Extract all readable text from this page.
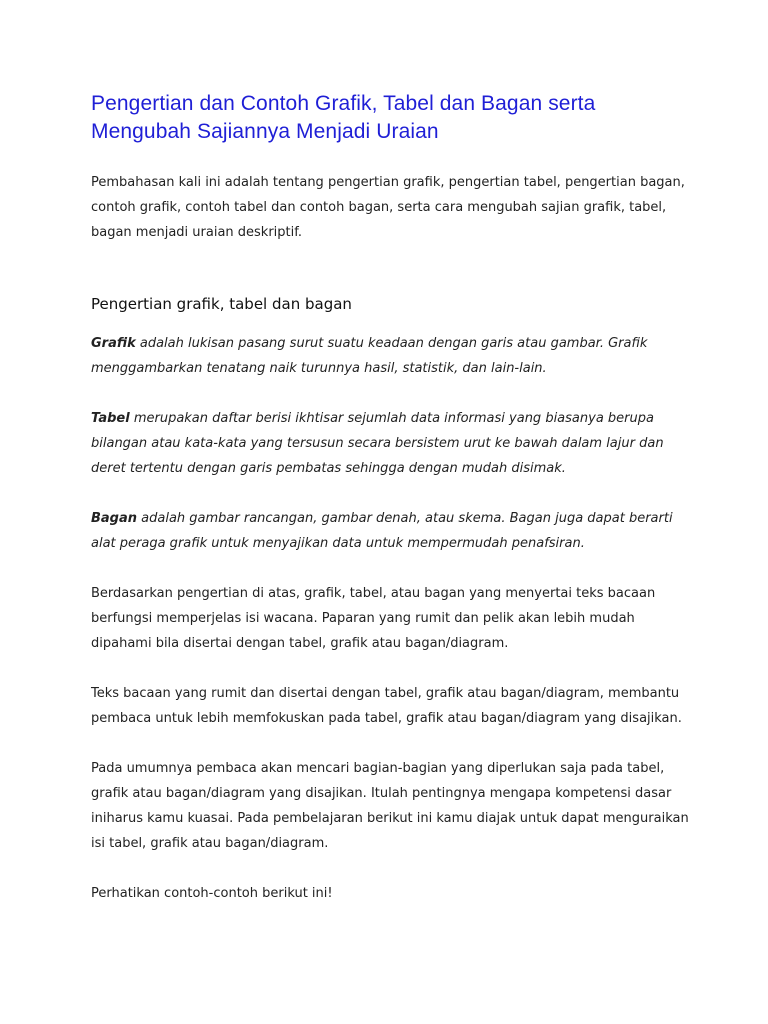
Pengertian dan Contoh Grafik, Tabel dan Bagan serta Mengubah Sajiannya Menjadi Uraian

Pembahasan kali ini adalah tentang pengertian grafik, pengertian tabel, pengertian bagan, contoh grafik, contoh tabel dan contoh bagan, serta cara mengubah sajian grafik, tabel, bagan menjadi uraian deskriptif.

Pengertian grafik, tabel dan bagan

Grafik adalah lukisan pasang surut suatu keadaan dengan garis atau gambar. Grafik menggambarkan tenatang naik turunnya hasil, statistik, dan lain-lain.

Tabel merupakan daftar berisi ikhtisar sejumlah data informasi yang biasanya berupa bilangan atau kata-kata yang tersusun secara bersistem urut ke bawah dalam lajur dan deret tertentu dengan garis pembatas sehingga dengan mudah disimak.

Bagan adalah gambar rancangan, gambar denah, atau skema. Bagan juga dapat berarti alat peraga grafik untuk menyajikan data untuk mempermudah penafsiran.

Berdasarkan pengertian di atas, grafik, tabel, atau bagan yang menyertai teks bacaan berfungsi memperjelas isi wacana. Paparan yang rumit dan pelik akan lebih mudah dipahami bila disertai dengan tabel, grafik atau bagan/diagram.

Teks bacaan yang rumit dan disertai dengan tabel, grafik atau bagan/diagram, membantu pembaca untuk lebih memfokuskan pada tabel, grafik atau bagan/diagram yang disajikan.

Pada umumnya pembaca akan mencari bagian-bagian yang diperlukan saja pada tabel, grafik atau bagan/diagram yang disajikan. Itulah pentingnya mengapa kompetensi dasar iniharus kamu kuasai. Pada pembelajaran berikut ini kamu diajak untuk dapat menguraikan isi tabel, grafik atau bagan/diagram.

Perhatikan contoh-contoh berikut ini!
